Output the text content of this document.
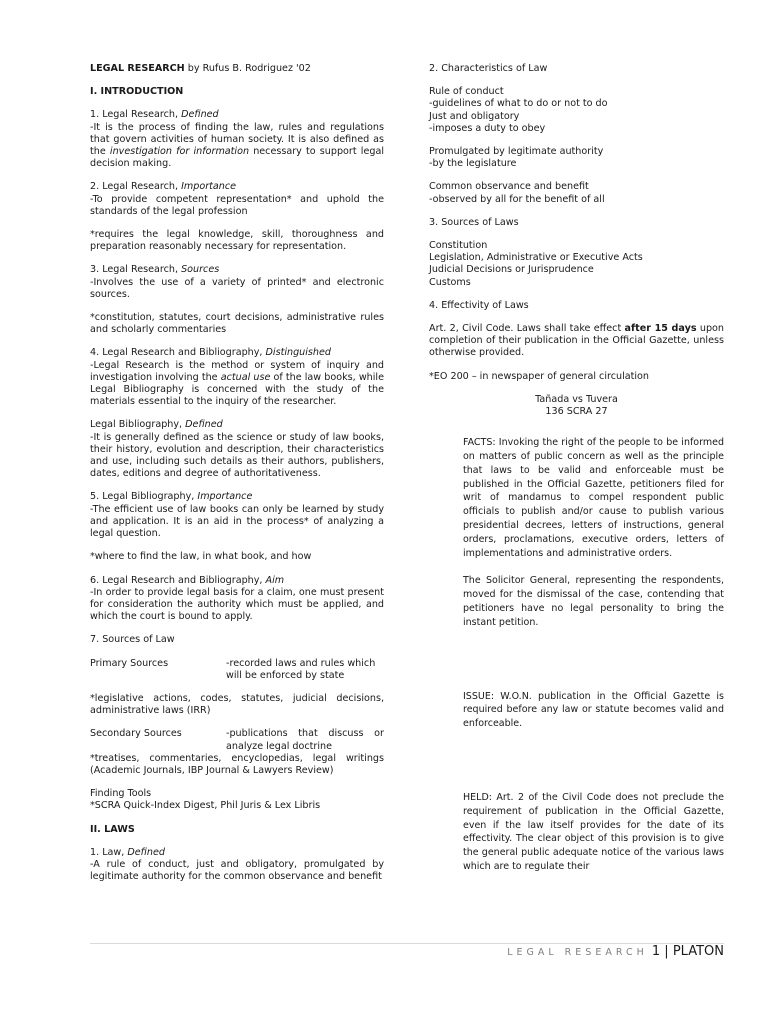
LEGAL RESEARCH by Rufus B. Rodriguez '02

I. INTRODUCTION

1. Legal Research, Defined
-It is the process of finding the law, rules and regulations that govern activities of human society. It is also defined as the investigation for information necessary to support legal decision making.

2. Legal Research, Importance
-To provide competent representation* and uphold the standards of the legal profession

*requires the legal knowledge, skill, thoroughness and preparation reasonably necessary for representation.

3. Legal Research, Sources
-Involves the use of a variety of printed* and electronic sources.

*constitution, statutes, court decisions, administrative rules and scholarly commentaries

4. Legal Research and Bibliography, Distinguished
-Legal Research is the method or system of inquiry and investigation involving the actual use of the law books, while Legal Bibliography is concerned with the study of the materials essential to the inquiry of the researcher.

Legal Bibliography, Defined
-It is generally defined as the science or study of law books, their history, evolution and description, their characteristics and use, including such details as their authors, publishers, dates, editions and degree of authoritativeness.

5. Legal Bibliography, Importance
-The efficient use of law books can only be learned by study and application. It is an aid in the process* of analyzing a legal question.

*where to find the law, in what book, and how

6. Legal Research and Bibliography, Aim
-In order to provide legal basis for a claim, one must present for consideration the authority which must be applied, and which the court is bound to apply.

7. Sources of Law

Primary Sources	-recorded laws and rules which will be enforced by state

*legislative actions, codes, statutes, judicial decisions, administrative laws (IRR)

Secondary Sources	-publications that discuss or analyze legal doctrine

*treatises, commentaries, encyclopedias, legal writings (Academic Journals, IBP Journal & Lawyers Review)

Finding Tools
*SCRA Quick-Index Digest, Phil Juris & Lex Libris

II. LAWS

1. Law, Defined
-A rule of conduct, just and obligatory, promulgated by legitimate authority for the common observance and benefit

2. Characteristics of Law

Rule of conduct
-guidelines of what to do or not to do
Just and obligatory
-imposes a duty to obey

Promulgated by legitimate authority
-by the legislature

Common observance and benefit
-observed by all for the benefit of all

3. Sources of Laws

Constitution
Legislation, Administrative or Executive Acts
Judicial Decisions or Jurisprudence
Customs

4. Effectivity of Laws

Art. 2, Civil Code. Laws shall take effect after 15 days upon completion of their publication in the Official Gazette, unless otherwise provided.

*EO 200 – in newspaper of general circulation

Tañada vs Tuvera
136 SCRA 27

FACTS: Invoking the right of the people to be informed on matters of public concern as well as the principle that laws to be valid and enforceable must be published in the Official Gazette, petitioners filed for writ of mandamus to compel respondent public officials to publish and/or cause to publish various presidential decrees, letters of instructions, general orders, proclamations, executive orders, letters of implementations and administrative orders.

The Solicitor General, representing the respondents, moved for the dismissal of the case, contending that petitioners have no legal personality to bring the instant petition.

ISSUE: W.O.N. publication in the Official Gazette is required before any law or statute becomes valid and enforceable.

HELD: Art. 2 of the Civil Code does not preclude the requirement of publication in the Official Gazette, even if the law itself provides for the date of its effectivity. The clear object of this provision is to give the general public adequate notice of the various laws which are to regulate their

LEGAL RESEARCH 1 | PLATON
